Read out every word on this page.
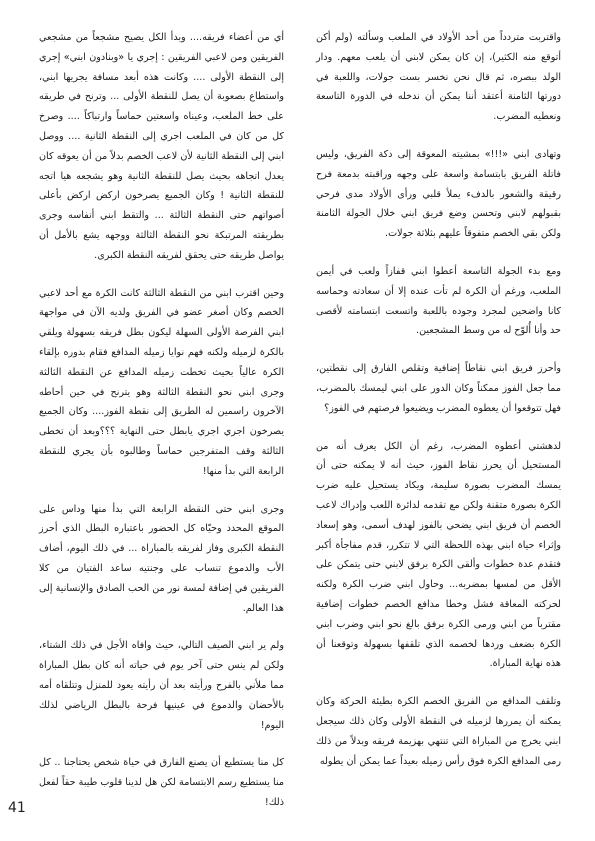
واقتربت متردداً من أحد الأولاد في الملعب وسألته (ولم أكن أتوقع منه الكثير)، إن كان يمكن لابني أن يلعب معهم. ودار الولد ببصره، ثم قال نحن نخسر بست جولات، واللعبة في دورتها الثامنة أعتقد أننا يمكن أن ندخله في الدورة التاسعة ونعطيه المضرب.

وتهادى ابني «!!!» بمشيته المعوقة إلى دكة الفريق، وليس فاتلة الفريق بابتسامة واسعة على وجهه وراقبته بدمعة فرح رقيقة والشعور بالدفء يملأ قلبي ورأى الأولاد مدى فرحي بقبولهم لابني وتحسن وضع فريق ابني خلال الجولة الثامنة ولكن بقي الخصم متفوقاً عليهم بثلاثة جولات.

ومع بدء الجولة التاسعة أعطوا ابني قفازاً ولعب في أيمن الملعب، ورغم أن الكرة لم تأت عنده إلا أن سعادته وحماسه كانا واضحين لمجرد وجوده باللعبة واتسعت ابتسامته لأقصى حد وأنا أُلوّح له من وسط المشجعين.

وأحرز فريق ابني نقاطاً إضافية وتقلص الفارق إلى نقطتين، مما جعل الفوز ممكناً وكان الدور على ابني ليمسك بالمضرب، فهل تتوقعوا أن يعطوه المضرب ويضيعوا فرصتهم في الفوز؟

لدهشتي أعطوه المضرب، رغم أن الكل يعرف أنه من المستحيل أن يحرز نقاط الفوز، حيث أنه لا يمكنه حتى أن يمسك المضرب بصورة سليمة، ويكاد يستحيل عليه ضرب الكرة بصورة متقنة ولكن مع تقدمه لدائرة اللعب وإدراك لاعب الخصم أن فريق ابني يضحي بالفوز لهدف أسمى، وهو إسعاد وإثراء حياة ابني بهذه اللحظة التي لا تتكرر، قدم مفاجأة أكبر فتقدم عدة خطوات وألقى الكرة برفق لابني حتى يتمكن على الأقل من لمسها بمضربه... وحاول ابني ضرب الكرة ولكنه لحركته المعاقة فشل وخطا مدافع الخصم خطوات إضافية مقترباً من ابني ورمى الكرة برفق بالغ نحو ابني وضرب ابني الكرة بضعف وردها لخصمه الذي تلقفها بسهولة وتوقعنا أن هذه نهاية المباراة.

وتلقف المدافع من الفريق الخصم الكرة بطيئة الحركة وكان يمكنه أن يمررها لزميله في النقطة الأولى وكان ذلك سيجعل ابني يخرج من المباراة التي تنتهي بهزيمة فريقه وبدلاً من ذلك رمى المدافع الكرة فوق رأس زميله بعيداً عما يمكن أن يطوله

أي من أعضاء فريقه.... وبدأ الكل يصيح مشجعاً من مشجعي الفريقين ومن لاعبي الفريقين : إجري يا «وبنادون ابني» إجري إلى النقطة الأولى .... وكانت هذه أبعد مسافة يجريها ابني، واستطاع بصعوبة أن يصل للنقطة الأولى ... وترنح في طريقه على خط الملعب، وعيناه واسعتين حماساً وارتباكاً .... وصرخ كل من كان في الملعب اجري إلى النقطة الثانية .... ووصل ابني إلى النقطة الثانية لأن لاعب الخصم بدلاً من أن يعوقه كان يعدل اتجاهه بحيث يصل للنقطة الثانية وهو يشجعه هيا اتجه للنقطة الثانية ! وكان الجميع يصرخون اركض اركض بأعلى أصواتهم حتى النقطة الثالثة ... والتقط ابني أنفاسه وجرى بطريقته المرتبكة نحو النقطة الثالثة ووجهه يشع بالأمل أن يواصل طريقه حتى يحقق لفريقه النقطة الكبرى.

وحين اقترب ابني من النقطة الثالثة كانت الكرة مع أحد لاعبي الخصم وكان أصغر عضو في الفريق ولديه الآن في مواجهة ابني الفرصة الأولى السهلة ليكون بطل فريقه بسهولة ويلقي بالكرة لزميله ولكنه فهم نوايا زميله المدافع فقام بدوره بإلقاء الكرة عالياً بحيث تخطت زميله المدافع عن النقطة الثالثة وجرى ابني نحو النقطة الثالثة وهو يترنح في حين أحاطه الآخرون راسمين له الطريق إلى نقطة الفوز.... وكان الجميع يصرخون اجري اجري يابطل حتى النهاية ؟؟؟وبعد أن تخطى الثالثة وقف المتفرجين حماساً وطالبوه بأن يجري للنقطة الرابعة التي بدأ منها!

وجرى ابني حتى النقطة الرابعة التي بدأ منها وداس على الموقع المحدد وحيّاه كل الحضور باعتباره البطل الذي أحرز النقطة الكبرى وفاز لفريقه بالمباراة ... في ذلك اليوم، أضاف الأب والدموع تنساب على وجنتيه ساعد الفتيان من كلا الفريقين في إضافة لمسة نور من الحب الصادق والإنسانية إلى هذا العالم.

ولم ير ابني الصيف التالي، حيث وافاه الأجل في ذلك الشتاء، ولكن لم ينس حتى آخر يوم في حياته أنه كان بطل المباراة مما ملأني بالفرح ورأيته بعد أن رأيته يعود للمنزل وتتلقاه أمه بالأحضان والدموع في عينيها فرحة بالبطل الرياضي لذلك اليوم!

كل منا يستطيع أن يصنع الفارق في حياة شخص يحتاجنا .. كل منا يستطيع رسم الابتسامة لكن هل لدينا قلوب طيبة حقاً لفعل ذلك!

41
